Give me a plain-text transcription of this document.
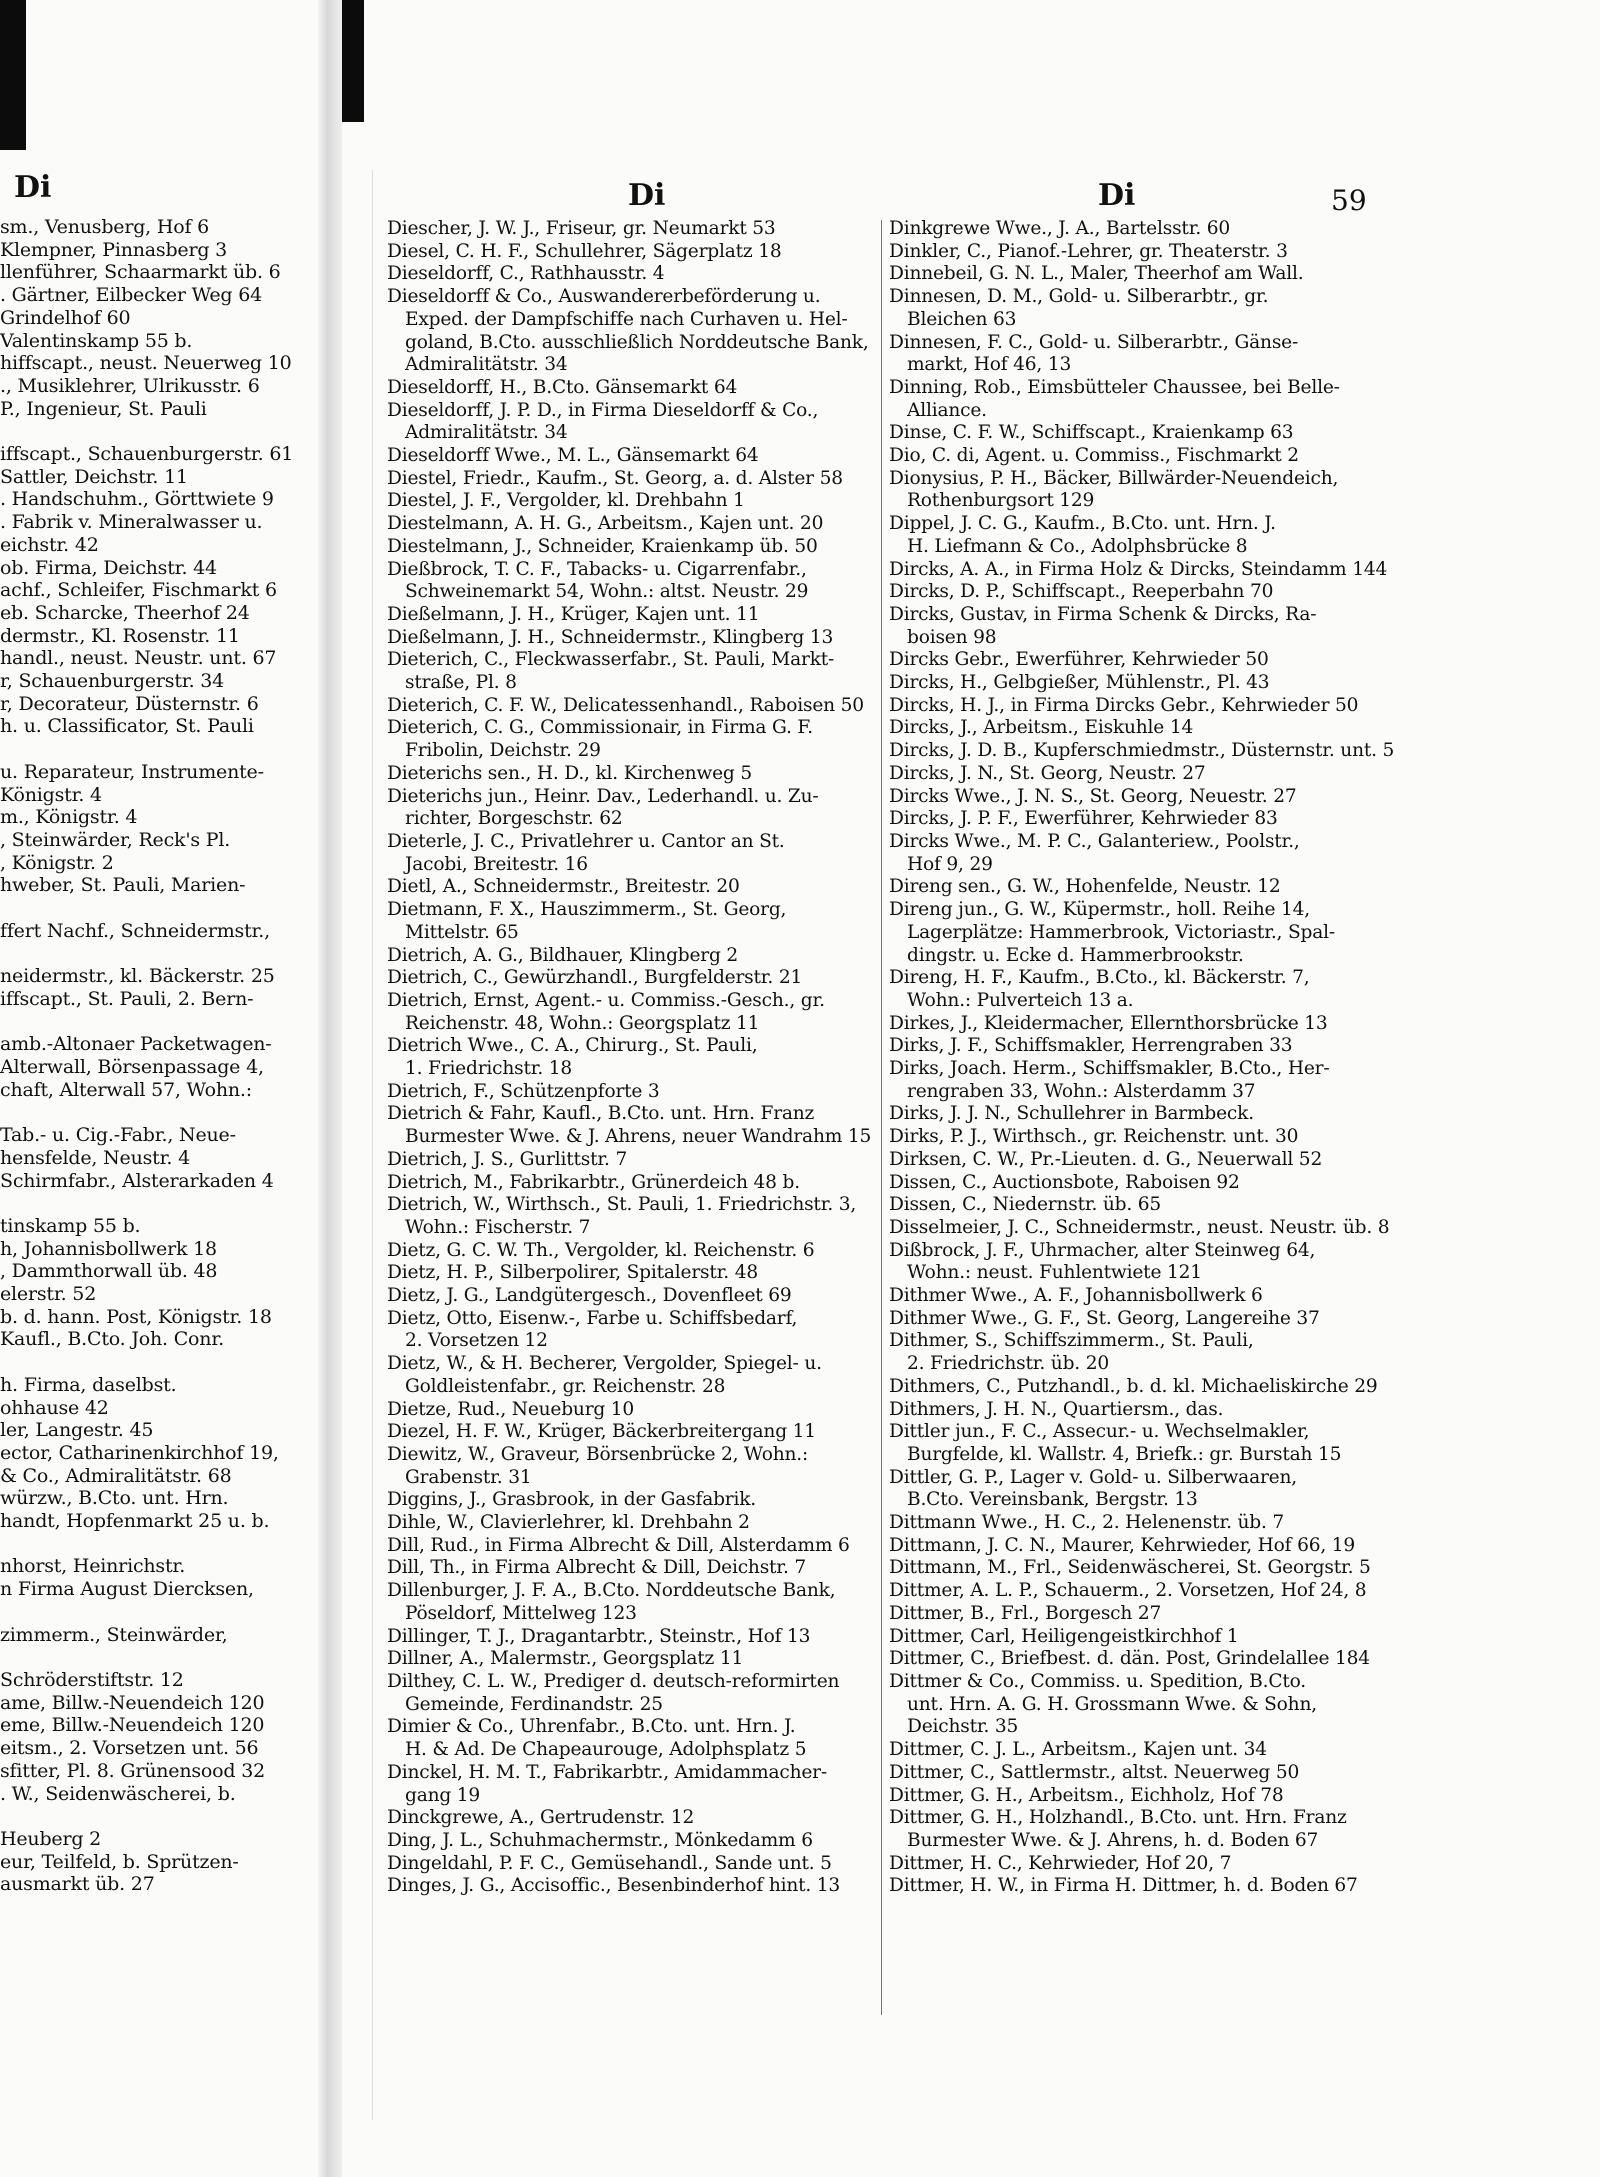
Di
sm., Venusberg, Hof 6
Klempner, Pinnasberg 3
llenführer, Schaarmarkt üb. 6
. Gärtner, Eilbecker Weg 64
Grindelhof 60
Valentinskamp 55 b.
hiffscapt., neust. Neuerweg 10
., Musiklehrer, Ulrikusstr. 6
P., Ingenieur, St. Pauli

iffscapt., Schauenburgerstr. 61
Sattler, Deichstr. 11
. Handschuhm., Görttwiete 9
. Fabrik v. Mineralwasser u.
eichstr. 42
ob. Firma, Deichstr. 44
achf., Schleifer, Fischmarkt 6
eb. Scharcke, Theerhof 24
dermstr., Kl. Rosenstr. 11
handl., neust. Neustr. unt. 67
r, Schauenburgerstr. 34
r, Decorateur, Düsternstr. 6
h. u. Classificator, St. Pauli

u. Reparateur, Instrumente-
Königstr. 4
m., Königstr. 4
, Steinwärder, Reck's Pl.
, Königstr. 2
hweber, St. Pauli, Marien-

ffert Nachf., Schneidermstr.,

neidermstr., kl. Bäckerstr. 25
iffscapt., St. Pauli, 2. Bern-

amb.-Altonaer Packetwagen-
Alterwall, Börsenpassage 4,
chaft, Alterwall 57, Wohn.:

Tab.- u. Cig.-Fabr., Neue-
hensfelde, Neustr. 4
Schirmfabr., Alsterarkaden 4

tinskamp 55 b.
h, Johannisbollwerk 18
, Dammthorwall üb. 48
elerstr. 52
b. d. hann. Post, Königstr. 18
Kaufl., B.Cto. Joh. Conr.

h. Firma, daselbst.
ohhause 42
ler, Langestr. 45
ector, Catharinenkirchhof 19,
& Co., Admiralitätstr. 68
würzw., B.Cto. unt. Hrn.
handt, Hopfenmarkt 25 u. b.

nhorst, Heinrichstr.
n Firma August Diercksen,

zimmerm., Steinwärder,

Schröderstiftstr. 12
ame, Billw.-Neuendeich 120
eme, Billw.-Neuendeich 120
eitsm., 2. Vorsetzen unt. 56
sfitter, Pl. 8. Grünensood 32
. W., Seidenwäscherei, b.

Heuberg 2
eur, Teilfeld, b. Sprützen-
ausmarkt üb. 27
Di	Di	59
Diescher, J. W. J., Friseur, gr. Neumarkt 53
Diesel, C. H. F., Schullehrer, Sägerplatz 18
Dieseldorff, C., Rathhausstr. 4
Dieseldorff & Co., Auswandererbeförderung u.
Exped. der Dampfschiffe nach Curhaven u. Hel-
goland, B.Cto. ausschließlich Norddeutsche Bank,
Admiralitätstr. 34
Dieseldorff, H., B.Cto. Gänsemarkt 64
Dieseldorff, J. P. D., in Firma Dieseldorff & Co.,
Admiralitätstr. 34
Dieseldorff Wwe., M. L., Gänsemarkt 64
Diestel, Friedr., Kaufm., St. Georg, a. d. Alster 58
Diestel, J. F., Vergolder, kl. Drehbahn 1
Diestelmann, A. H. G., Arbeitsm., Kajen unt. 20
Diestelmann, J., Schneider, Kraienkamp üb. 50
Dießbrock, T. C. F., Tabacks- u. Cigarrenfabr.,
Schweinemarkt 54, Wohn.: altst. Neustr. 29
Dießelmann, J. H., Krüger, Kajen unt. 11
Dießelmann, J. H., Schneidermstr., Klingberg 13
Dieterich, C., Fleckwasserfabr., St. Pauli, Markt-
straße, Pl. 8
Dieterich, C. F. W., Delicatessenhandl., Raboisen 50
Dieterich, C. G., Commissionair, in Firma G. F.
Fribolin, Deichstr. 29
Dieterichs sen., H. D., kl. Kirchenweg 5
Dieterichs jun., Heinr. Dav., Lederhandl. u. Zu-
richter, Borgeschstr. 62
Dieterle, J. C., Privatlehrer u. Cantor an St.
Jacobi, Breitestr. 16
Dietl, A., Schneidermstr., Breitestr. 20
Dietmann, F. X., Hauszimmerm., St. Georg,
Mittelstr. 65
Dietrich, A. G., Bildhauer, Klingberg 2
Dietrich, C., Gewürzhandl., Burgfelderstr. 21
Dietrich, Ernst, Agent.- u. Commiss.-Gesch., gr.
Reichenstr. 48, Wohn.: Georgsplatz 11
Dietrich Wwe., C. A., Chirurg., St. Pauli,
1. Friedrichstr. 18
Dietrich, F., Schützenpforte 3
Dietrich & Fahr, Kaufl., B.Cto. unt. Hrn. Franz
Burmester Wwe. & J. Ahrens, neuer Wandrahm 15
Dietrich, J. S., Gurlittstr. 7
Dietrich, M., Fabrikarbtr., Grünerdeich 48 b.
Dietrich, W., Wirthsch., St. Pauli, 1. Friedrichstr. 3,
Wohn.: Fischerstr. 7
Dietz, G. C. W. Th., Vergolder, kl. Reichenstr. 6
Dietz, H. P., Silberpolirer, Spitalerstr. 48
Dietz, J. G., Landgütergesch., Dovenfleet 69
Dietz, Otto, Eisenw.-, Farbe u. Schiffsbedarf,
2. Vorsetzen 12
Dietz, W., & H. Becherer, Vergolder, Spiegel- u.
Goldleistenfabr., gr. Reichenstr. 28
Dietze, Rud., Neueburg 10
Diezel, H. F. W., Krüger, Bäckerbreitergang 11
Diewitz, W., Graveur, Börsenbrücke 2, Wohn.:
Grabenstr. 31
Diggins, J., Grasbrook, in der Gasfabrik.
Dihle, W., Clavierlehrer, kl. Drehbahn 2
Dill, Rud., in Firma Albrecht & Dill, Alsterdamm 6
Dill, Th., in Firma Albrecht & Dill, Deichstr. 7
Dillenburger, J. F. A., B.Cto. Norddeutsche Bank,
Pöseldorf, Mittelweg 123
Dillinger, T. J., Dragantarbtr., Steinstr., Hof 13
Dillner, A., Malermstr., Georgsplatz 11
Dilthey, C. L. W., Prediger d. deutsch-reformirten
Gemeinde, Ferdinandstr. 25
Dimier & Co., Uhrenfabr., B.Cto. unt. Hrn. J.
H. & Ad. De Chapeaurouge, Adolphsplatz 5
Dinckel, H. M. T., Fabrikarbtr., Amidammacher-
gang 19
Dinckgrewe, A., Gertrudenstr. 12
Ding, J. L., Schuhmachermstr., Mönkedamm 6
Dingeldahl, P. F. C., Gemüsehandl., Sande unt. 5
Dinges, J. G., Accisoffic., Besenbinderhof hint. 13
Dinkgrewe Wwe., J. A., Bartelsstr. 60
Dinkler, C., Pianof.-Lehrer, gr. Theaterstr. 3
Dinnebeil, G. N. L., Maler, Theerhof am Wall.
Dinnesen, D. M., Gold- u. Silberarbtr., gr.
Bleichen 63
Dinnesen, F. C., Gold- u. Silberarbtr., Gänse-
markt, Hof 46, 13
Dinning, Rob., Eimsbütteler Chaussee, bei Belle-
Alliance.
Dinse, C. F. W., Schiffscapt., Kraienkamp 63
Dio, C. di, Agent. u. Commiss., Fischmarkt 2
Dionysius, P. H., Bäcker, Billwärder-Neuendeich,
Rothenburgsort 129
Dippel, J. C. G., Kaufm., B.Cto. unt. Hrn. J.
H. Liefmann & Co., Adolphsbrücke 8
Dircks, A. A., in Firma Holz & Dircks, Steindamm 144
Dircks, D. P., Schiffscapt., Reeperbahn 70
Dircks, Gustav, in Firma Schenk & Dircks, Ra-
boisen 98
Dircks Gebr., Ewerführer, Kehrwieder 50
Dircks, H., Gelbgießer, Mühlenstr., Pl. 43
Dircks, H. J., in Firma Dircks Gebr., Kehrwieder 50
Dircks, J., Arbeitsm., Eiskuhle 14
Dircks, J. D. B., Kupferschmiedmstr., Düsternstr. unt. 5
Dircks, J. N., St. Georg, Neustr. 27
Dircks Wwe., J. N. S., St. Georg, Neuestr. 27
Dircks, J. P. F., Ewerführer, Kehrwieder 83
Dircks Wwe., M. P. C., Galanteriew., Poolstr.,
Hof 9, 29
Direng sen., G. W., Hohenfelde, Neustr. 12
Direng jun., G. W., Küpermstr., holl. Reihe 14,
Lagerplätze: Hammerbrook, Victoriastr., Spal-
dingstr. u. Ecke d. Hammerbrookstr.
Direng, H. F., Kaufm., B.Cto., kl. Bäckerstr. 7,
Wohn.: Pulverteich 13 a.
Dirkes, J., Kleidermacher, Ellernthorsbrücke 13
Dirks, J. F., Schiffsmakler, Herrengraben 33
Dirks, Joach. Herm., Schiffsmakler, B.Cto., Her-
rengraben 33, Wohn.: Alsterdamm 37
Dirks, J. J. N., Schullehrer in Barmbeck.
Dirks, P. J., Wirthsch., gr. Reichenstr. unt. 30
Dirksen, C. W., Pr.-Lieuten. d. G., Neuerwall 52
Dissen, C., Auctionsbote, Raboisen 92
Dissen, C., Niedernstr. üb. 65
Disselmeier, J. C., Schneidermstr., neust. Neustr. üb. 8
Dißbrock, J. F., Uhrmacher, alter Steinweg 64,
Wohn.: neust. Fuhlentwiete 121
Dithmer Wwe., A. F., Johannisbollwerk 6
Dithmer Wwe., G. F., St. Georg, Langereihe 37
Dithmer, S., Schiffszimmerm., St. Pauli,
2. Friedrichstr. üb. 20
Dithmers, C., Putzhandl., b. d. kl. Michaeliskirche 29
Dithmers, J. H. N., Quartiersm., das.
Dittler jun., F. C., Assecur.- u. Wechselmakler,
Burgfelde, kl. Wallstr. 4, Briefk.: gr. Burstah 15
Dittler, G. P., Lager v. Gold- u. Silberwaaren,
B.Cto. Vereinsbank, Bergstr. 13
Dittmann Wwe., H. C., 2. Helenenstr. üb. 7
Dittmann, J. C. N., Maurer, Kehrwieder, Hof 66, 19
Dittmann, M., Frl., Seidenwäscherei, St. Georgstr. 5
Dittmer, A. L. P., Schauerm., 2. Vorsetzen, Hof 24, 8
Dittmer, B., Frl., Borgesch 27
Dittmer, Carl, Heiligengeistkirchhof 1
Dittmer, C., Briefbest. d. dän. Post, Grindelallee 184
Dittmer & Co., Commiss. u. Spedition, B.Cto.
unt. Hrn. A. G. H. Grossmann Wwe. & Sohn,
Deichstr. 35
Dittmer, C. J. L., Arbeitsm., Kajen unt. 34
Dittmer, C., Sattlermstr., altst. Neuerweg 50
Dittmer, G. H., Arbeitsm., Eichholz, Hof 78
Dittmer, G. H., Holzhandl., B.Cto. unt. Hrn. Franz
Burmester Wwe. & J. Ahrens, h. d. Boden 67
Dittmer, H. C., Kehrwieder, Hof 20, 7
Dittmer, H. W., in Firma H. Dittmer, h. d. Boden 67
